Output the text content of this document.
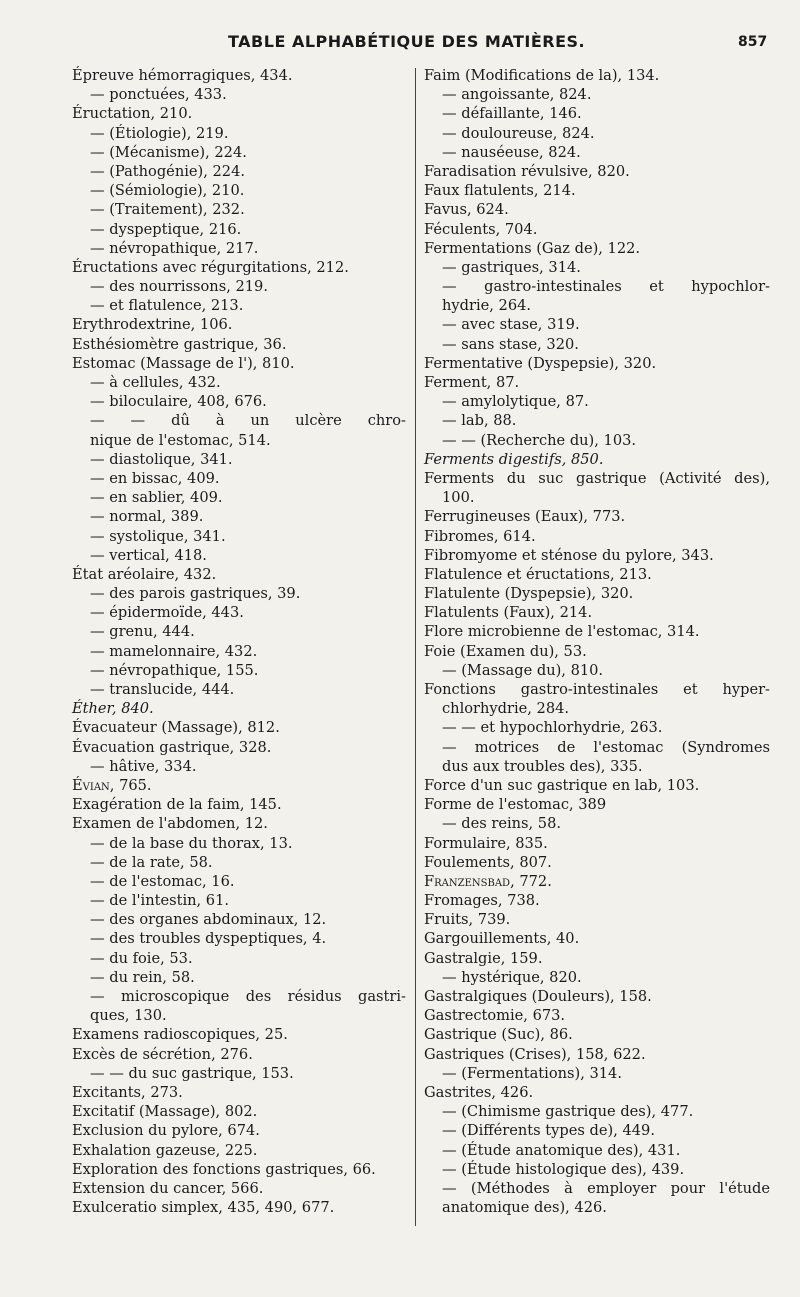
TABLE ALPHABÉTIQUE DES MATIÈRES.	857
Épreuve hémorragiques, 434.
— ponctuées, 433.
Éructation, 210.
— (Étiologie), 219.
— (Mécanisme), 224.
— (Pathogénie), 224.
— (Sémiologie), 210.
— (Traitement), 232.
— dyspeptique, 216.
— névropathique, 217.
Éructations avec régurgitations, 212.
— des nourrissons, 219.
— et flatulence, 213.
Erythrodextrine, 106.
Esthésiomètre gastrique, 36.
Estomac (Massage de l'), 810.
— à cellules, 432.
— biloculaire, 408, 676.
— — dû à un ulcère chro-
nique de l'estomac, 514.
— diastolique, 341.
— en bissac, 409.
— en sablier, 409.
— normal, 389.
— systolique, 341.
— vertical, 418.
État aréolaire, 432.
— des parois gastriques, 39.
— épidermoïde, 443.
— grenu, 444.
— mamelonnaire, 432.
— névropathique, 155.
— translucide, 444.
Éther, 840.
Évacuateur (Massage), 812.
Évacuation gastrique, 328.
— hâtive, 334.
Évian, 765.
Exagération de la faim, 145.
Examen de l'abdomen, 12.
— de la base du thorax, 13.
— de la rate, 58.
— de l'estomac, 16.
— de l'intestin, 61.
— des organes abdominaux, 12.
— des troubles dyspeptiques, 4.
— du foie, 53.
— du rein, 58.
— microscopique des résidus gastri-
ques, 130.
Examens radioscopiques, 25.
Excès de sécrétion, 276.
— — du suc gastrique, 153.
Excitants, 273.
Excitatif (Massage), 802.
Exclusion du pylore, 674.
Exhalation gazeuse, 225.
Exploration des fonctions gastriques, 66.
Extension du cancer, 566.
Exulceratio simplex, 435, 490, 677.
Faim (Modifications de la), 134.
— angoissante, 824.
— défaillante, 146.
— douloureuse, 824.
— nauséeuse, 824.
Faradisation révulsive, 820.
Faux flatulents, 214.
Favus, 624.
Féculents, 704.
Fermentations (Gaz de), 122.
— gastriques, 314.
— gastro-intestinales et hypochlor-
hydrie, 264.
— avec stase, 319.
— sans stase, 320.
Fermentative (Dyspepsie), 320.
Ferment, 87.
— amylolytique, 87.
— lab, 88.
— — (Recherche du), 103.
Ferments digestifs, 850.
Ferments du suc gastrique (Activité des),
100.
Ferrugineuses (Eaux), 773.
Fibromes, 614.
Fibromyome et sténose du pylore, 343.
Flatulence et éructations, 213.
Flatulente (Dyspepsie), 320.
Flatulents (Faux), 214.
Flore microbienne de l'estomac, 314.
Foie (Examen du), 53.
— (Massage du), 810.
Fonctions gastro-intestinales et hyper-
chlorhydrie, 284.
— — et hypochlorhydrie, 263.
— motrices de l'estomac (Syndromes
dus aux troubles des), 335.
Force d'un suc gastrique en lab, 103.
Forme de l'estomac, 389
— des reins, 58.
Formulaire, 835.
Foulements, 807.
Franzensbad, 772.
Fromages, 738.
Fruits, 739.
Gargouillements, 40.
Gastralgie, 159.
— hystérique, 820.
Gastralgiques (Douleurs), 158.
Gastrectomie, 673.
Gastrique (Suc), 86.
Gastriques (Crises), 158, 622.
— (Fermentations), 314.
Gastrites, 426.
— (Chimisme gastrique des), 477.
— (Différents types de), 449.
— (Étude anatomique des), 431.
— (Étude histologique des), 439.
— (Méthodes à employer pour l'étude
anatomique des), 426.
